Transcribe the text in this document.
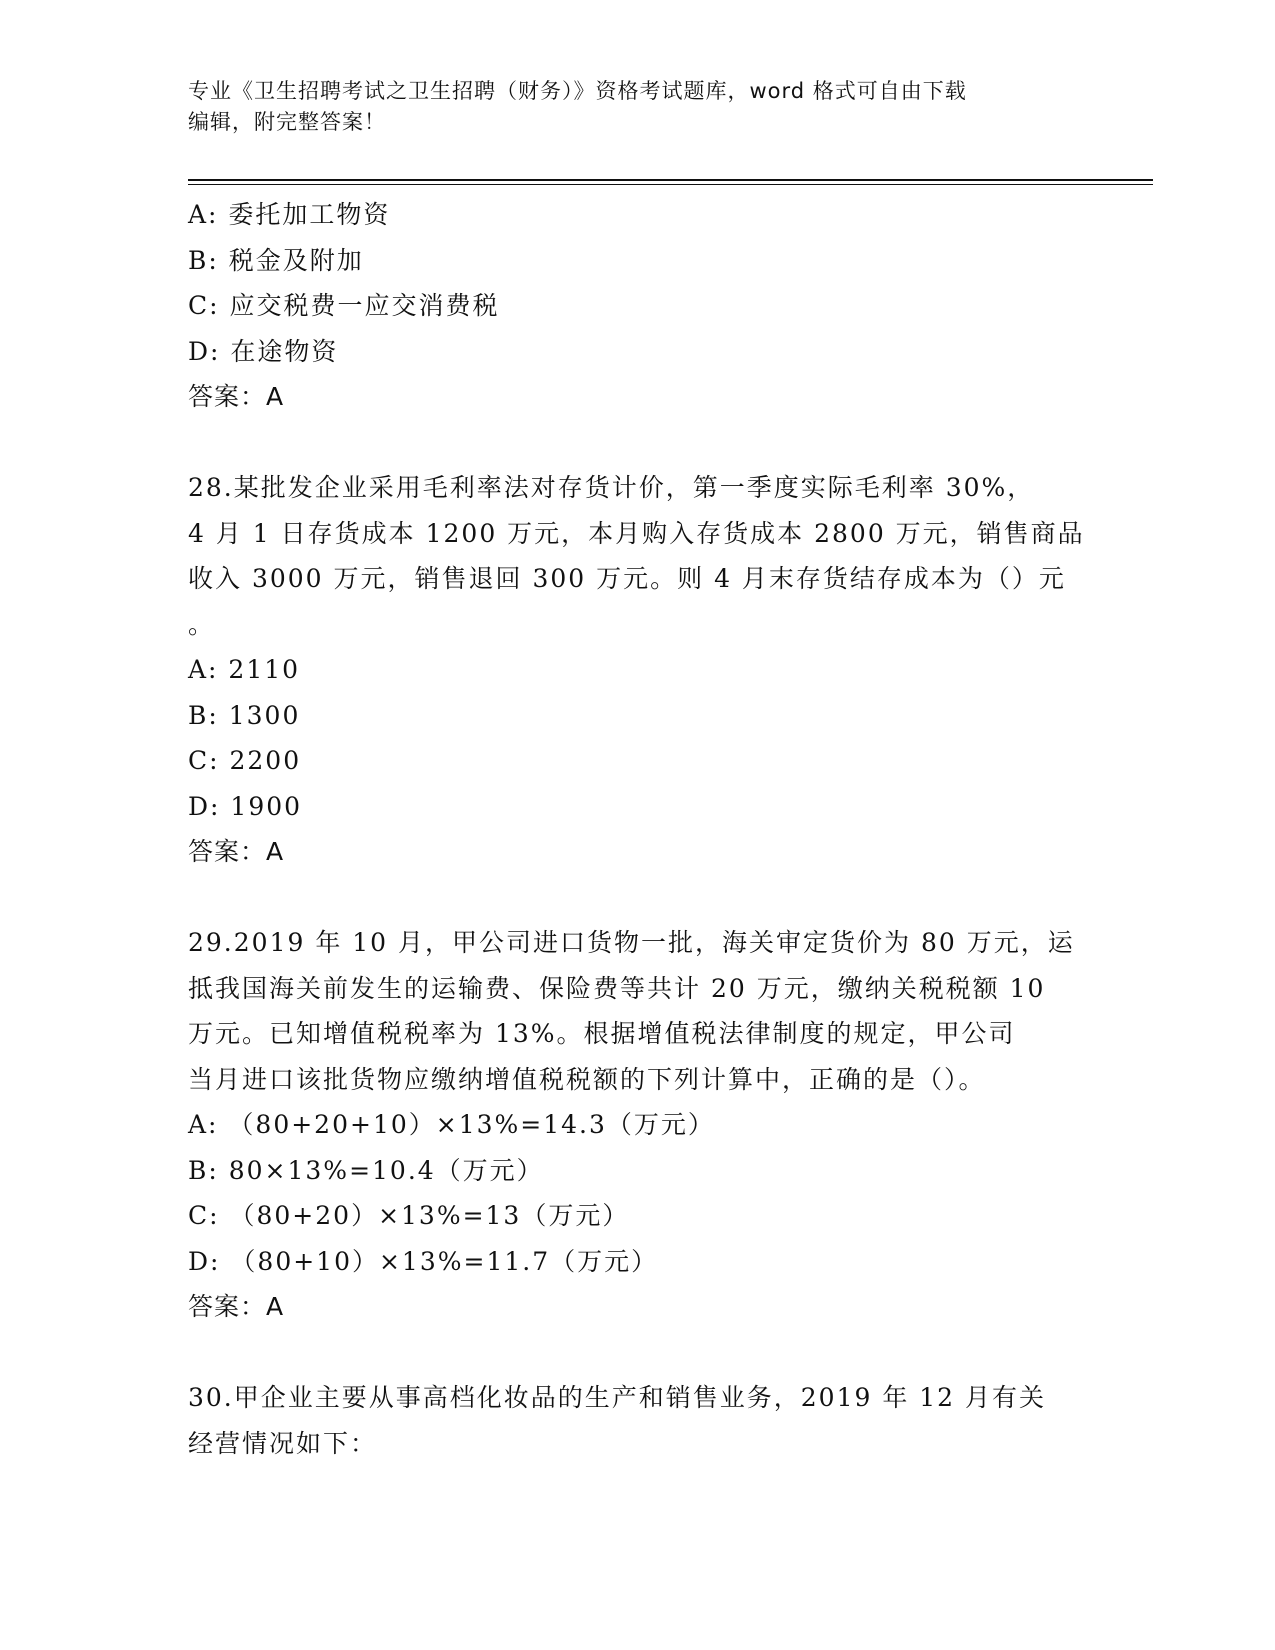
专业《卫生招聘考试之卫生招聘（财务）》资格考试题库，word 格式可自由下载
编辑，附完整答案！

A: 委托加工物资

B: 税金及附加

C: 应交税费一应交消费税

D: 在途物资

答案：A

28.某批发企业采用毛利率法对存货计价，第一季度实际毛利率 30%，

4 月 1 日存货成本 1200 万元，本月购入存货成本 2800 万元，销售商品

收入 3000 万元，销售退回 300 万元。则 4 月末存货结存成本为（）元

。

A: 2110

B: 1300

C: 2200

D: 1900

答案：A

29.2019 年 10 月，甲公司进口货物一批，海关审定货价为 80 万元，运

抵我国海关前发生的运输费、保险费等共计 20 万元，缴纳关税税额 10

万元。已知增值税税率为 13%。根据增值税法律制度的规定，甲公司

当月进口该批货物应缴纳增值税税额的下列计算中，正确的是（）。

A: （80+20+10）×13%=14.3（万元）

B: 80×13%=10.4（万元）

C: （80+20）×13%=13（万元）

D: （80+10）×13%=11.7（万元）

答案：A

30.甲企业主要从事高档化妆品的生产和销售业务，2019 年 12 月有关

经营情况如下：
